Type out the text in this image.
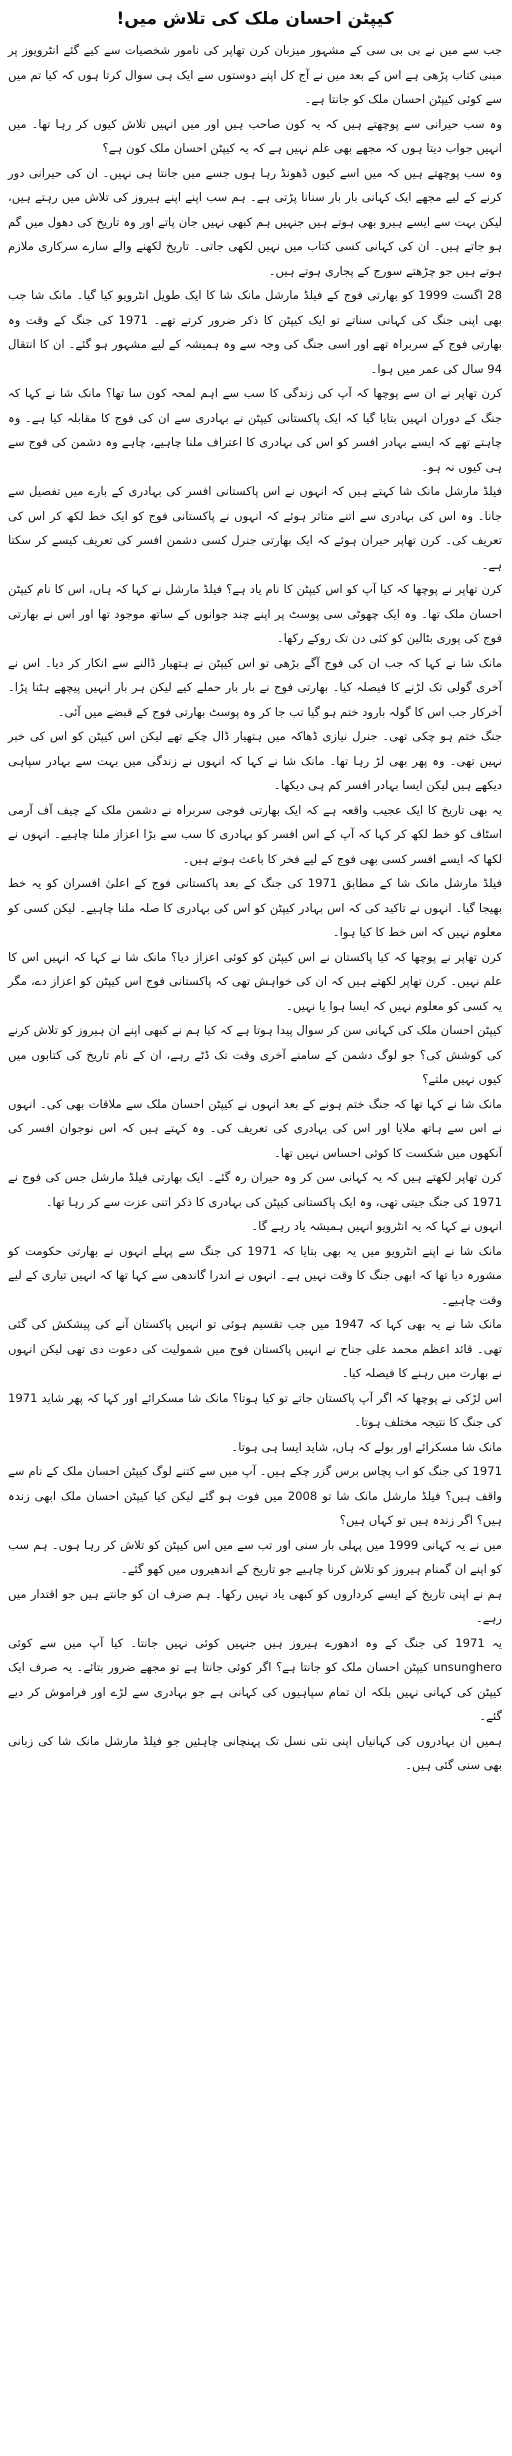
کیپٹن احسان ملک کی تلاش میں!

جب سے میں نے بی بی سی کے مشہور میزبان کرن تھاپر کی نامور شخصیات سے کیے گئے انٹرویوز پر مبنی کتاب پڑھی ہے اس کے بعد میں نے آج کل اپنے دوستوں سے ایک ہی سوال کرتا ہوں کہ کیا تم میں سے کوئی کیپٹن احسان ملک کو جانتا ہے۔

وہ سب حیرانی سے پوچھتے ہیں کہ یہ کون صاحب ہیں اور میں انہیں تلاش کیوں کر رہا تھا۔ میں انہیں جواب دیتا ہوں کہ مجھے بھی علم نہیں ہے کہ یہ کیپٹن احسان ملک کون ہے؟

وہ سب پوچھتے ہیں کہ میں اسے کیوں ڈھونڈ رہا ہوں جسے میں جانتا ہی نہیں۔ ان کی حیرانی دور کرنے کے لیے مجھے ایک کہانی بار بار سنانا پڑتی ہے۔ ہم سب اپنے اپنے ہیروز کی تلاش میں رہتے ہیں، لیکن بہت سے ایسے ہیرو بھی ہوتے ہیں جنہیں ہم کبھی نہیں جان پاتے اور وہ تاریخ کی دھول میں گم ہو جاتے ہیں۔ ان کی کہانی کسی کتاب میں نہیں لکھی جاتی۔ تاریخ لکھنے والے سارے سرکاری ملازم ہوتے ہیں جو چڑھتے سورج کے پجاری ہوتے ہیں۔

28 اگست 1999 کو بھارتی فوج کے فیلڈ مارشل مانک شا کا ایک طویل انٹرویو کیا گیا۔ مانک شا جب بھی اپنی جنگ کی کہانی سناتے تو ایک کیپٹن کا ذکر ضرور کرتے تھے۔ 1971 کی جنگ کے وقت وہ بھارتی فوج کے سربراہ تھے اور اسی جنگ کی وجہ سے وہ ہمیشہ کے لیے مشہور ہو گئے۔ ان کا انتقال 94 سال کی عمر میں ہوا۔

کرن تھاپر نے ان سے پوچھا کہ آپ کی زندگی کا سب سے اہم لمحہ کون سا تھا؟ مانک شا نے کہا کہ جنگ کے دوران انہیں بتایا گیا کہ ایک پاکستانی کیپٹن نے بہادری سے ان کی فوج کا مقابلہ کیا ہے۔ وہ چاہتے تھے کہ ایسے بہادر افسر کو اس کی بہادری کا اعتراف ملنا چاہیے، چاہے وہ دشمن کی فوج سے ہی کیوں نہ ہو۔

فیلڈ مارشل مانک شا کہتے ہیں کہ انہوں نے اس پاکستانی افسر کی بہادری کے بارے میں تفصیل سے جانا۔ وہ اس کی بہادری سے اتنے متاثر ہوئے کہ انہوں نے پاکستانی فوج کو ایک خط لکھ کر اس کی تعریف کی۔ کرن تھاپر حیران ہوئے کہ ایک بھارتی جنرل کسی دشمن افسر کی تعریف کیسے کر سکتا ہے۔

کرن تھاپر نے پوچھا کہ کیا آپ کو اس کیپٹن کا نام یاد ہے؟ فیلڈ مارشل نے کہا کہ ہاں، اس کا نام کیپٹن احسان ملک تھا۔ وہ ایک چھوٹی سی پوسٹ پر اپنے چند جوانوں کے ساتھ موجود تھا اور اس نے بھارتی فوج کی پوری بٹالین کو کئی دن تک روکے رکھا۔

مانک شا نے کہا کہ جب ان کی فوج آگے بڑھی تو اس کیپٹن نے ہتھیار ڈالنے سے انکار کر دیا۔ اس نے آخری گولی تک لڑنے کا فیصلہ کیا۔ بھارتی فوج نے بار بار حملے کیے لیکن ہر بار انہیں پیچھے ہٹنا پڑا۔ آخرکار جب اس کا گولہ بارود ختم ہو گیا تب جا کر وہ پوسٹ بھارتی فوج کے قبضے میں آئی۔

جنگ ختم ہو چکی تھی۔ جنرل نیازی ڈھاکہ میں ہتھیار ڈال چکے تھے لیکن اس کیپٹن کو اس کی خبر نہیں تھی۔ وہ پھر بھی لڑ رہا تھا۔ مانک شا نے کہا کہ انہوں نے زندگی میں بہت سے بہادر سپاہی دیکھے ہیں لیکن ایسا بہادر افسر کم ہی دیکھا۔

یہ بھی تاریخ کا ایک عجیب واقعہ ہے کہ ایک بھارتی فوجی سربراہ نے دشمن ملک کے چیف آف آرمی اسٹاف کو خط لکھ کر کہا کہ آپ کے اس افسر کو بہادری کا سب سے بڑا اعزاز ملنا چاہیے۔ انہوں نے لکھا کہ ایسے افسر کسی بھی فوج کے لیے فخر کا باعث ہوتے ہیں۔

فیلڈ مارشل مانک شا کے مطابق 1971 کی جنگ کے بعد پاکستانی فوج کے اعلیٰ افسران کو یہ خط بھیجا گیا۔ انہوں نے تاکید کی کہ اس بہادر کیپٹن کو اس کی بہادری کا صلہ ملنا چاہیے۔ لیکن کسی کو معلوم نہیں کہ اس خط کا کیا ہوا۔

کرن تھاپر نے پوچھا کہ کیا پاکستان نے اس کیپٹن کو کوئی اعزاز دیا؟ مانک شا نے کہا کہ انہیں اس کا علم نہیں۔ کرن تھاپر لکھتے ہیں کہ ان کی خواہش تھی کہ پاکستانی فوج اس کیپٹن کو اعزاز دے، مگر یہ کسی کو معلوم نہیں کہ ایسا ہوا یا نہیں۔

کیپٹن احسان ملک کی کہانی سن کر سوال پیدا ہوتا ہے کہ کیا ہم نے کبھی اپنے ان ہیروز کو تلاش کرنے کی کوشش کی؟ جو لوگ دشمن کے سامنے آخری وقت تک ڈٹے رہے، ان کے نام تاریخ کی کتابوں میں کیوں نہیں ملتے؟

مانک شا نے کہا تھا کہ جنگ ختم ہونے کے بعد انہوں نے کیپٹن احسان ملک سے ملاقات بھی کی۔ انہوں نے اس سے ہاتھ ملایا اور اس کی بہادری کی تعریف کی۔ وہ کہتے ہیں کہ اس نوجوان افسر کی آنکھوں میں شکست کا کوئی احساس نہیں تھا۔

کرن تھاپر لکھتے ہیں کہ یہ کہانی سن کر وہ حیران رہ گئے۔ ایک بھارتی فیلڈ مارشل جس کی فوج نے 1971 کی جنگ جیتی تھی، وہ ایک پاکستانی کیپٹن کی بہادری کا ذکر اتنی عزت سے کر رہا تھا۔

انہوں نے کہا کہ یہ انٹرویو انہیں ہمیشہ یاد رہے گا۔

مانک شا نے اپنے انٹرویو میں یہ بھی بتایا کہ 1971 کی جنگ سے پہلے انہوں نے بھارتی حکومت کو مشورہ دیا تھا کہ ابھی جنگ کا وقت نہیں ہے۔ انہوں نے اندرا گاندھی سے کہا تھا کہ انہیں تیاری کے لیے وقت چاہیے۔

مانک شا نے یہ بھی کہا کہ 1947 میں جب تقسیم ہوئی تو انہیں پاکستان آنے کی پیشکش کی گئی تھی۔ قائد اعظم محمد علی جناح نے انہیں پاکستان فوج میں شمولیت کی دعوت دی تھی لیکن انہوں نے بھارت میں رہنے کا فیصلہ کیا۔

اس لڑکی نے پوچھا کہ اگر آپ پاکستان جاتے تو کیا ہوتا؟ مانک شا مسکرائے اور کہا کہ پھر شاید 1971 کی جنگ کا نتیجہ مختلف ہوتا۔

مانک شا مسکرائے اور بولے کہ ہاں، شاید ایسا ہی ہوتا۔

1971 کی جنگ کو اب پچاس برس گزر چکے ہیں۔ آپ میں سے کتنے لوگ کیپٹن احسان ملک کے نام سے واقف ہیں؟ فیلڈ مارشل مانک شا تو 2008 میں فوت ہو گئے لیکن کیا کیپٹن احسان ملک ابھی زندہ ہیں؟ اگر زندہ ہیں تو کہاں ہیں؟

میں نے یہ کہانی 1999 میں پہلی بار سنی اور تب سے میں اس کیپٹن کو تلاش کر رہا ہوں۔ ہم سب کو اپنے ان گمنام ہیروز کو تلاش کرنا چاہیے جو تاریخ کے اندھیروں میں کھو گئے۔

ہم نے اپنی تاریخ کے ایسے کرداروں کو کبھی یاد نہیں رکھا۔ ہم صرف ان کو جانتے ہیں جو اقتدار میں رہے۔

یہ 1971 کی جنگ کے وہ ادھورے ہیروز ہیں جنہیں کوئی نہیں جانتا۔ کیا آپ میں سے کوئی unsunghero کیپٹن احسان ملک کو جانتا ہے؟ اگر کوئی جانتا ہے تو مجھے ضرور بتائے۔ یہ صرف ایک کیپٹن کی کہانی نہیں بلکہ ان تمام سپاہیوں کی کہانی ہے جو بہادری سے لڑے اور فراموش کر دیے گئے۔

ہمیں ان بہادروں کی کہانیاں اپنی نئی نسل تک پہنچانی چاہئیں جو فیلڈ مارشل مانک شا کی زبانی بھی سنی گئی ہیں۔
